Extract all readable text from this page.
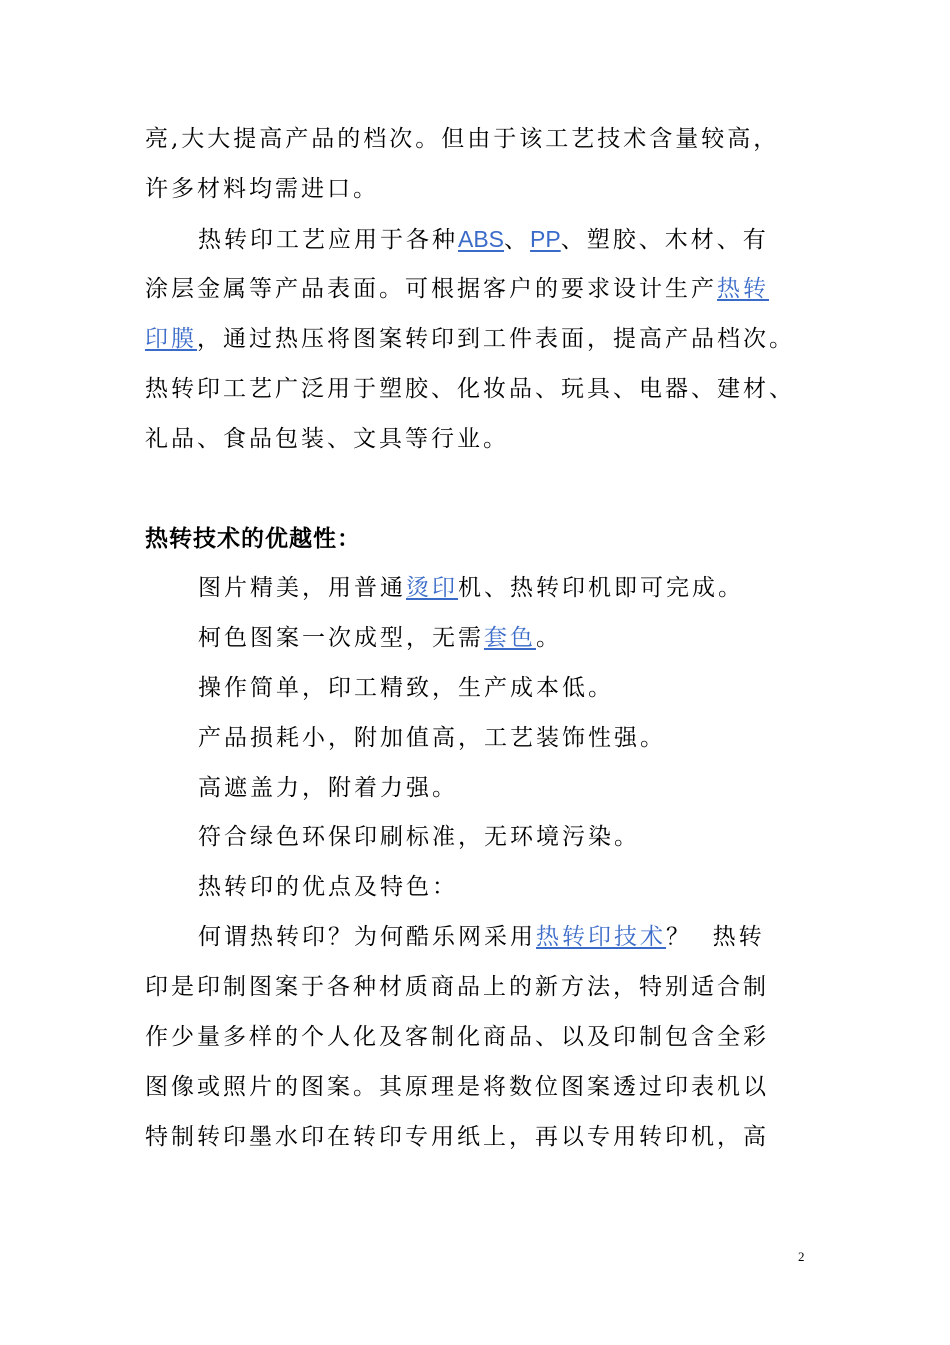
亮,大大提高产品的档次。但由于该工艺技术含量较高，
许多材料均需进口。
热转印工艺应用于各种ABS、PP、塑胶、木材、有
涂层金属等产品表面。可根据客户的要求设计生产热转
印膜，通过热压将图案转印到工件表面，提高产品档次。
热转印工艺广泛用于塑胶、化妆品、玩具、电器、建材、
礼品、食品包装、文具等行业。
热转技术的优越性：
图片精美，用普通烫印机、热转印机即可完成。
柯色图案一次成型，无需套色。
操作简单，印工精致，生产成本低。
产品损耗小，附加值高，工艺装饰性强。
高遮盖力，附着力强。
符合绿色环保印刷标准，无环境污染。
热转印的优点及特色：
何谓热转印？为何酷乐网采用热转印技术？  热转
印是印制图案于各种材质商品上的新方法，特别适合制
作少量多样的个人化及客制化商品、以及印制包含全彩
图像或照片的图案。其原理是将数位图案透过印表机以
特制转印墨水印在转印专用纸上，再以专用转印机，高
2
